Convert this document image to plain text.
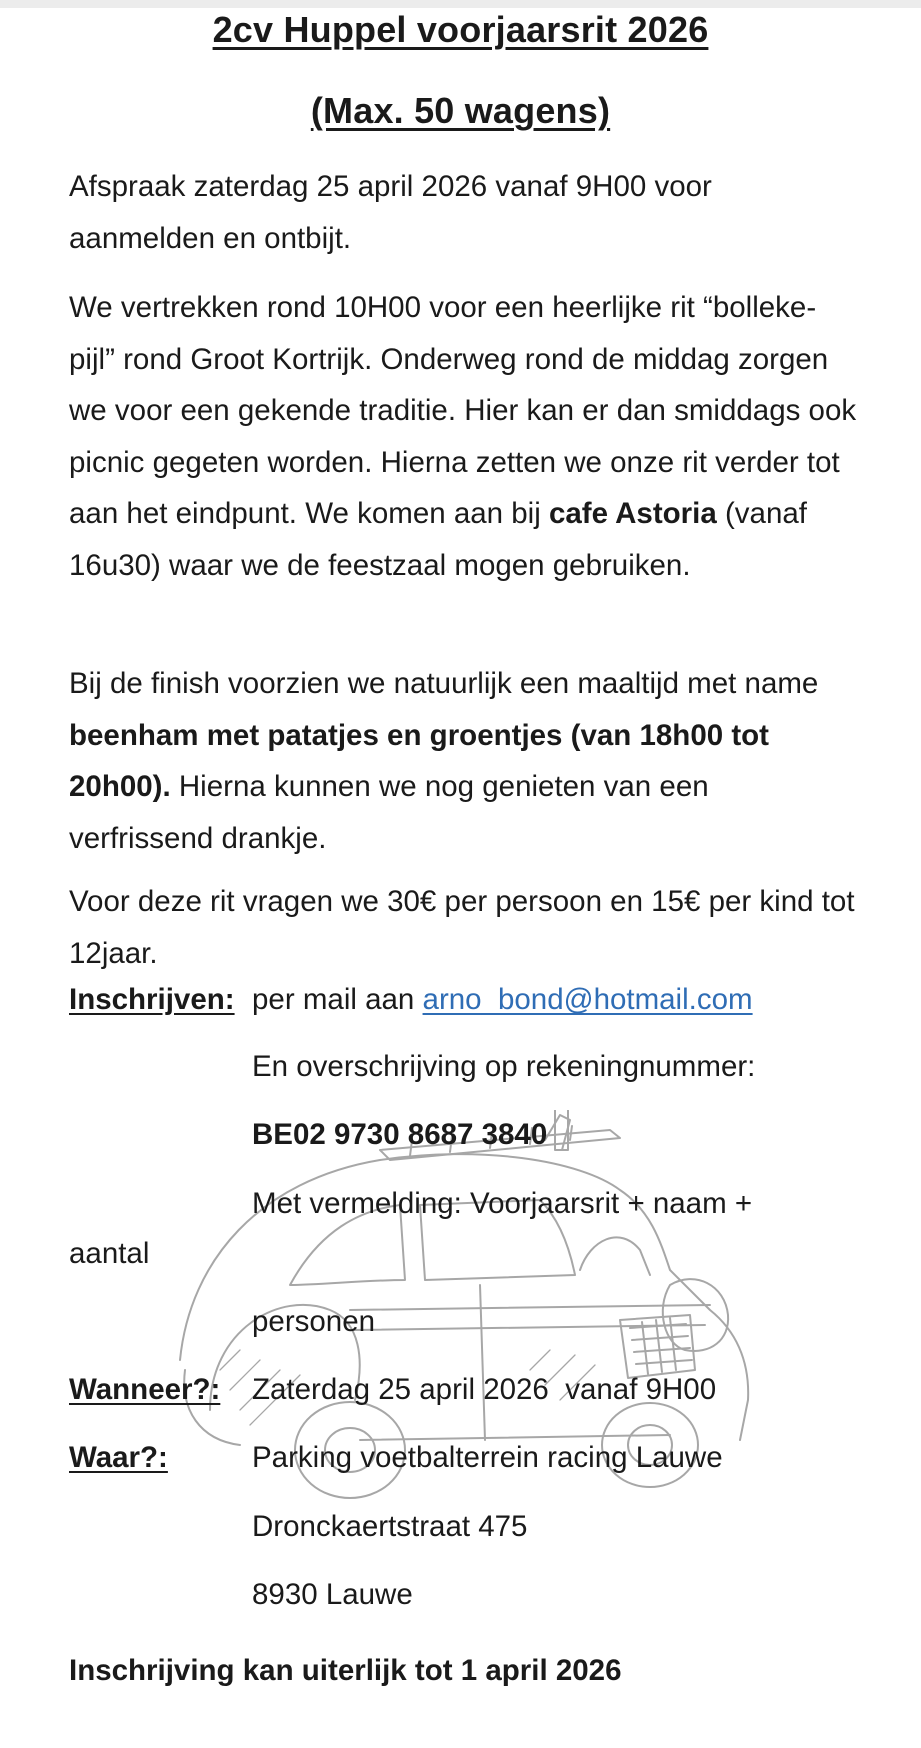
2cv Huppel voorjaarsrit 2026
(Max. 50 wagens)
Afspraak zaterdag 25 april 2026 vanaf 9H00 voor aanmelden en ontbijt.
We vertrekken rond 10H00 voor een heerlijke rit “bolleke-pijl” rond Groot Kortrijk. Onderweg rond de middag zorgen we voor een gekende traditie. Hier kan er dan smiddags ook picnic gegeten worden. Hierna zetten we onze rit verder tot aan het eindpunt. We komen aan bij cafe Astoria (vanaf 16u30) waar we de feestzaal mogen gebruiken.
Bij de finish voorzien we natuurlijk een maaltijd met name beenham met patatjes en groentjes (van 18h00 tot 20h00). Hierna kunnen we nog genieten van een verfrissend drankje.
Voor deze rit vragen we 30€ per persoon en 15€ per kind tot 12jaar.
Inschrijven: per mail aan arno_bond@hotmail.com
En overschrijving op rekeningnummer:
BE02 9730 8687 3840
Met vermelding: Voorjaarsrit + naam +
aantal
personen
Wanneer?: Zaterdag 25 april 2026  vanaf 9H00
Waar?:	Parking voetbalterrein racing Lauwe
Dronckaertstraat 475
8930 Lauwe
Inschrijving kan uiterlijk tot 1 april 2026
